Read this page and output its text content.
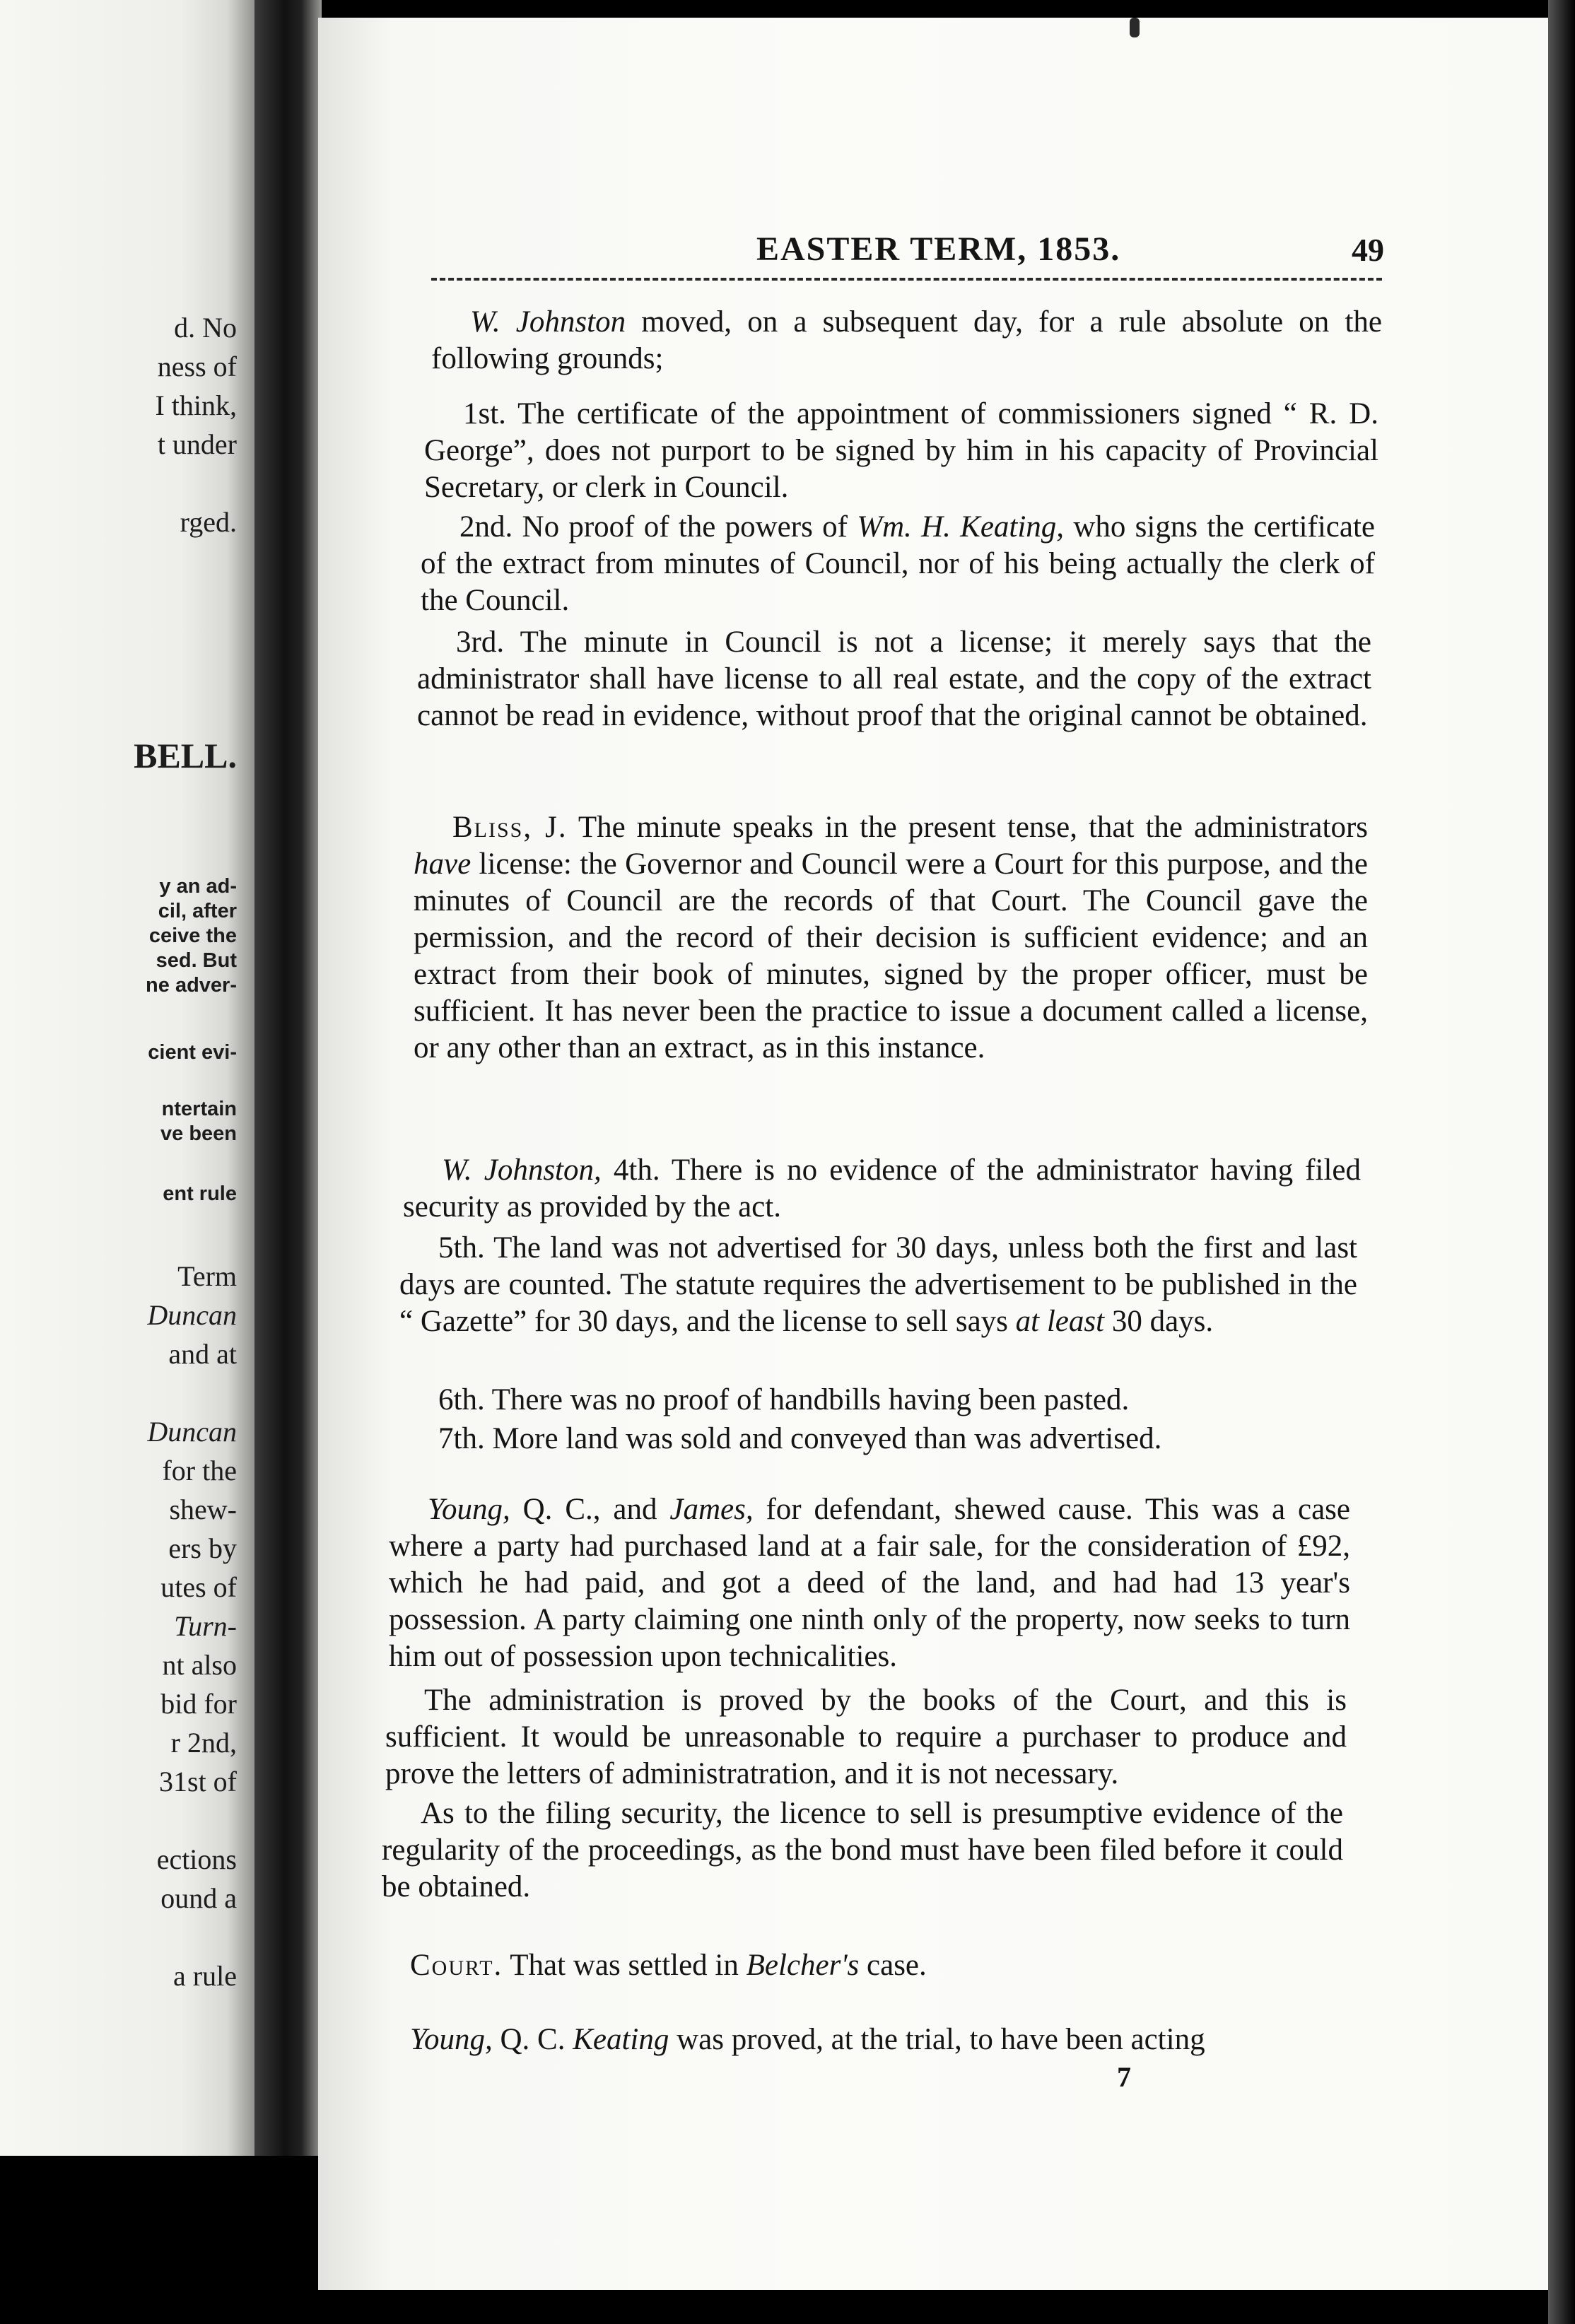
d. No
ness of
I think,
t under
rged.
BELL.
y an ad-
cil, after
ceive the
sed. But
ne adver-
cient evi-
ntertain
ve been
ent rule
Term
Duncan
and at
Duncan
for the
shew-
ers by
utes of
Turn-
nt also
bid for
r 2nd,
31st of
ections
ound a
a rule
EASTER TERM, 1853.	49

W. Johnston moved, on a subsequent day, for a rule absolute on the following grounds;

1st. The certificate of the appointment of commissioners signed “ R. D. George”, does not purport to be signed by him in his capacity of Provincial Secretary, or clerk in Council.

2nd. No proof of the powers of Wm. H. Keating, who signs the certificate of the extract from minutes of Council, nor of his being actually the clerk of the Council.

3rd. The minute in Council is not a license; it merely says that the administrator shall have license to all real estate, and the copy of the extract cannot be read in evidence, without proof that the original cannot be obtained.

Bliss, J. The minute speaks in the present tense, that the administrators have license: the Governor and Council were a Court for this purpose, and the minutes of Council are the records of that Court. The Council gave the permission, and the record of their decision is sufficient evidence; and an extract from their book of minutes, signed by the proper officer, must be sufficient. It has never been the practice to issue a document called a license, or any other than an extract, as in this instance.

W. Johnston, 4th. There is no evidence of the administrator having filed security as provided by the act.

5th. The land was not advertised for 30 days, unless both the first and last days are counted. The statute requires the advertisement to be published in the “ Gazette” for 30 days, and the license to sell says at least 30 days.

6th. There was no proof of handbills having been pasted.

7th. More land was sold and conveyed than was advertised.

Young, Q. C., and James, for defendant, shewed cause. This was a case where a party had purchased land at a fair sale, for the consideration of £92, which he had paid, and got a deed of the land, and had had 13 year's possession. A party claiming one ninth only of the property, now seeks to turn him out of possession upon technicalities.

The administration is proved by the books of the Court, and this is sufficient. It would be unreasonable to require a purchaser to produce and prove the letters of administratration, and it is not necessary.

As to the filing security, the licence to sell is presumptive evidence of the regularity of the proceedings, as the bond must have been filed before it could be obtained.

Court. That was settled in Belcher's case.

Young, Q. C. Keating was proved, at the trial, to have been acting

7
